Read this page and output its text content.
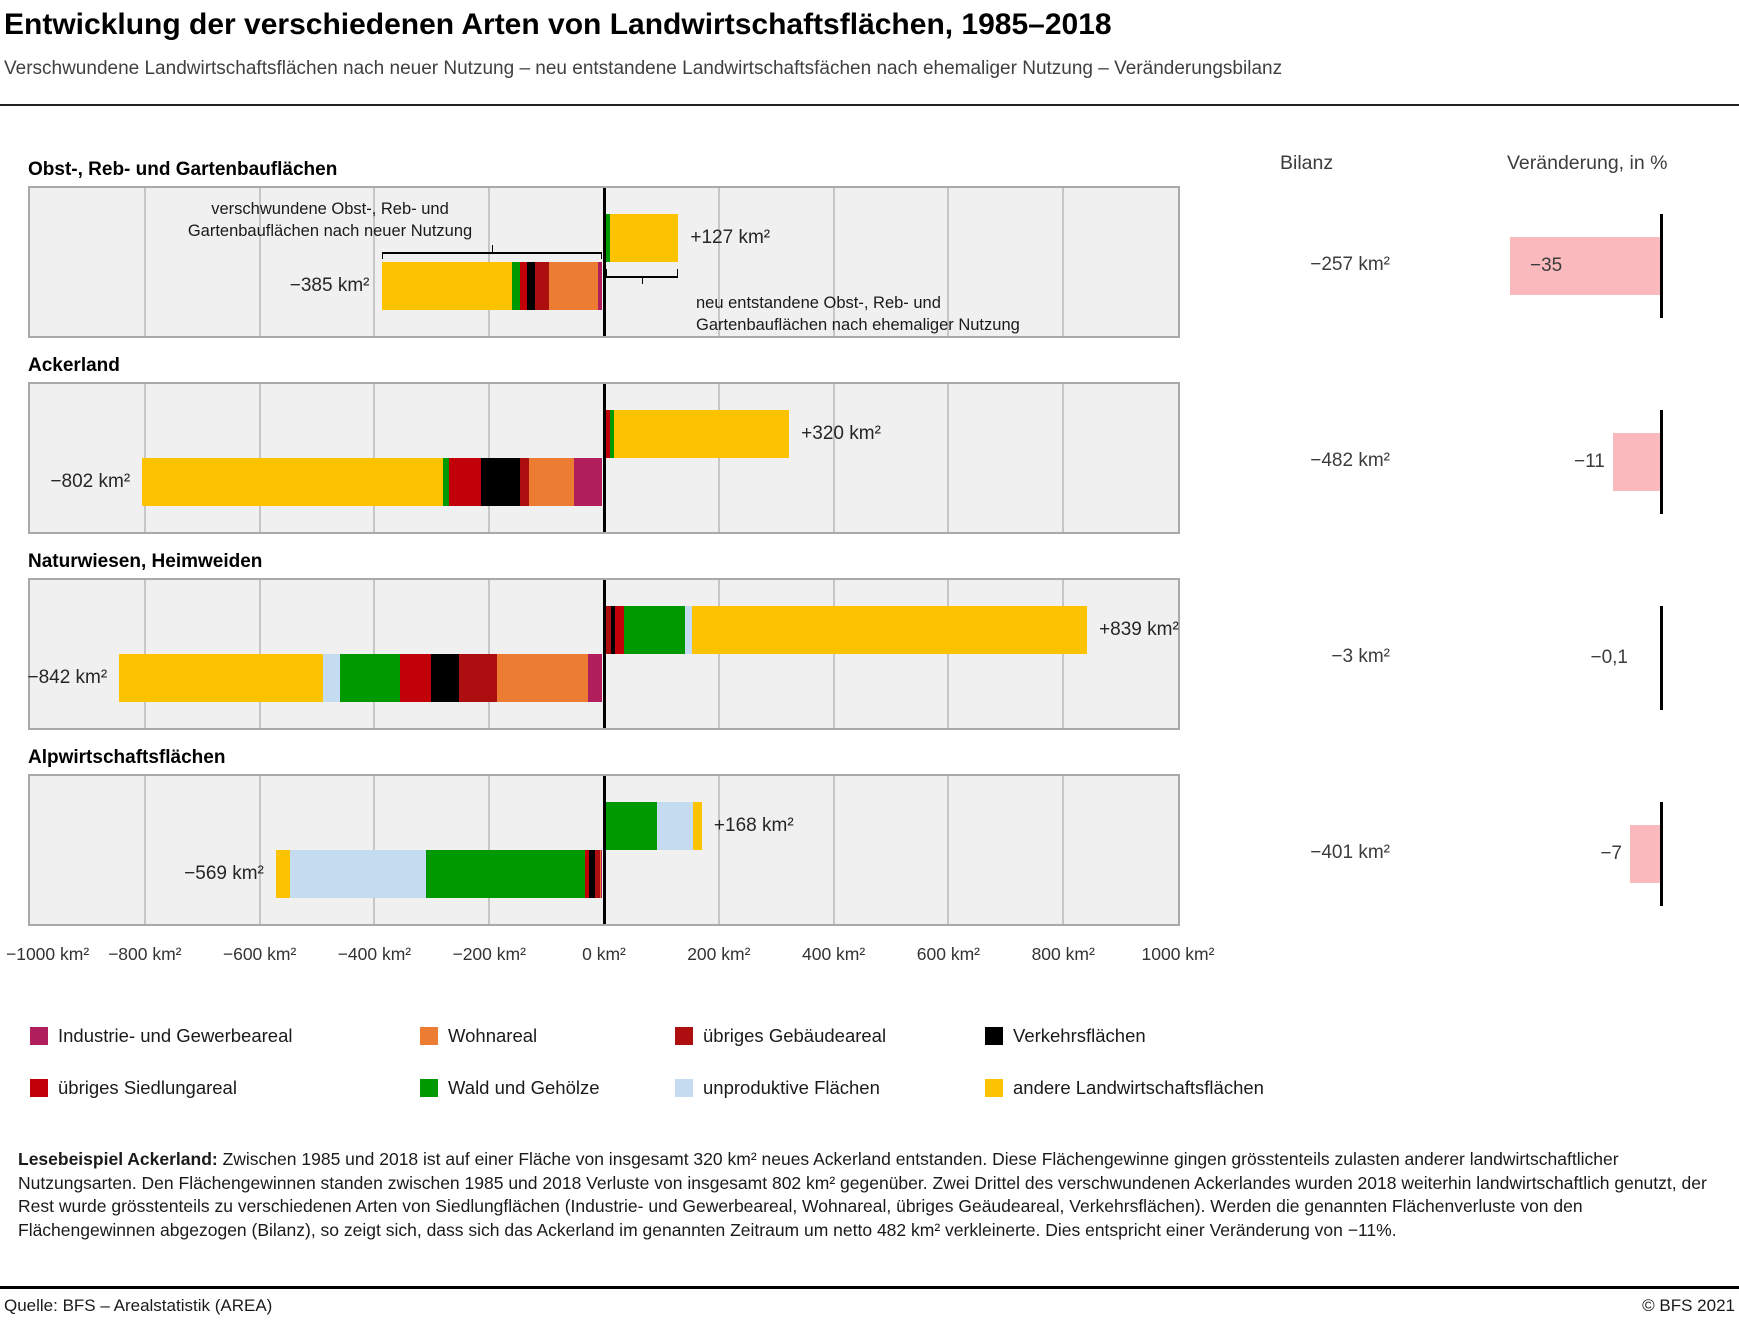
Entwicklung der verschiedenen Arten von Landwirtschaftsflächen, 1985–2018
Verschwundene Landwirtschaftsflächen nach neuer Nutzung – neu entstandene Landwirtschaftsfächen nach ehemaliger Nutzung – Veränderungsbilanz
Bilanz	Veränderung, in %
Obst-, Reb- und Gartenbauflächen
−385 km²
+127 km²
verschwundene Obst-, Reb- und
Gartenbauflächen nach neuer Nutzung
neu entstandene Obst-, Reb- und
Gartenbauflächen nach ehemaliger Nutzung
−257 km²	−35
Ackerland
−802 km²
+320 km²
−482 km²	−11
Naturwiesen, Heimweiden
−842 km²
+839 km²
−3 km²	−0,1
Alpwirtschaftsflächen
−569 km²
+168 km²
−401 km²	−7
−1000 km²	−800 km²	−600 km²	−400 km²	−200 km²	0 km²	200 km²	400 km²	600 km²	800 km²	1000 km²
Industrie- und Gewerbeareal	Wohnareal	übriges Gebäudeareal	Verkehrsflächen
übriges Siedlungareal	Wald und Gehölze	unproduktive Flächen	andere Landwirtschaftsflächen
Lesebeispiel Ackerland: Zwischen 1985 und 2018 ist auf einer Fläche von insgesamt 320 km² neues Ackerland entstanden. Diese Flächengewinne gingen grösstenteils zulasten anderer landwirtschaftlicher Nutzungsarten. Den Flächengewinnen standen zwischen 1985 und 2018 Verluste von insgesamt 802 km² gegenüber. Zwei Drittel des verschwundenen Ackerlandes wurden 2018 weiterhin landwirtschaftlich genutzt, der Rest wurde grösstenteils zu verschiedenen Arten von Siedlungflächen (Industrie- und Gewerbeareal, Wohnareal, übriges Geäudeareal, Verkehrsflächen). Werden die genannten Flächenverluste von den Flächengewinnen abgezogen (Bilanz), so zeigt sich, dass sich das Ackerland im genannten Zeitraum um netto 482 km² verkleinerte. Dies entspricht einer Veränderung von −11%.
Quelle: BFS – Arealstatistik (AREA)	© BFS 2021
